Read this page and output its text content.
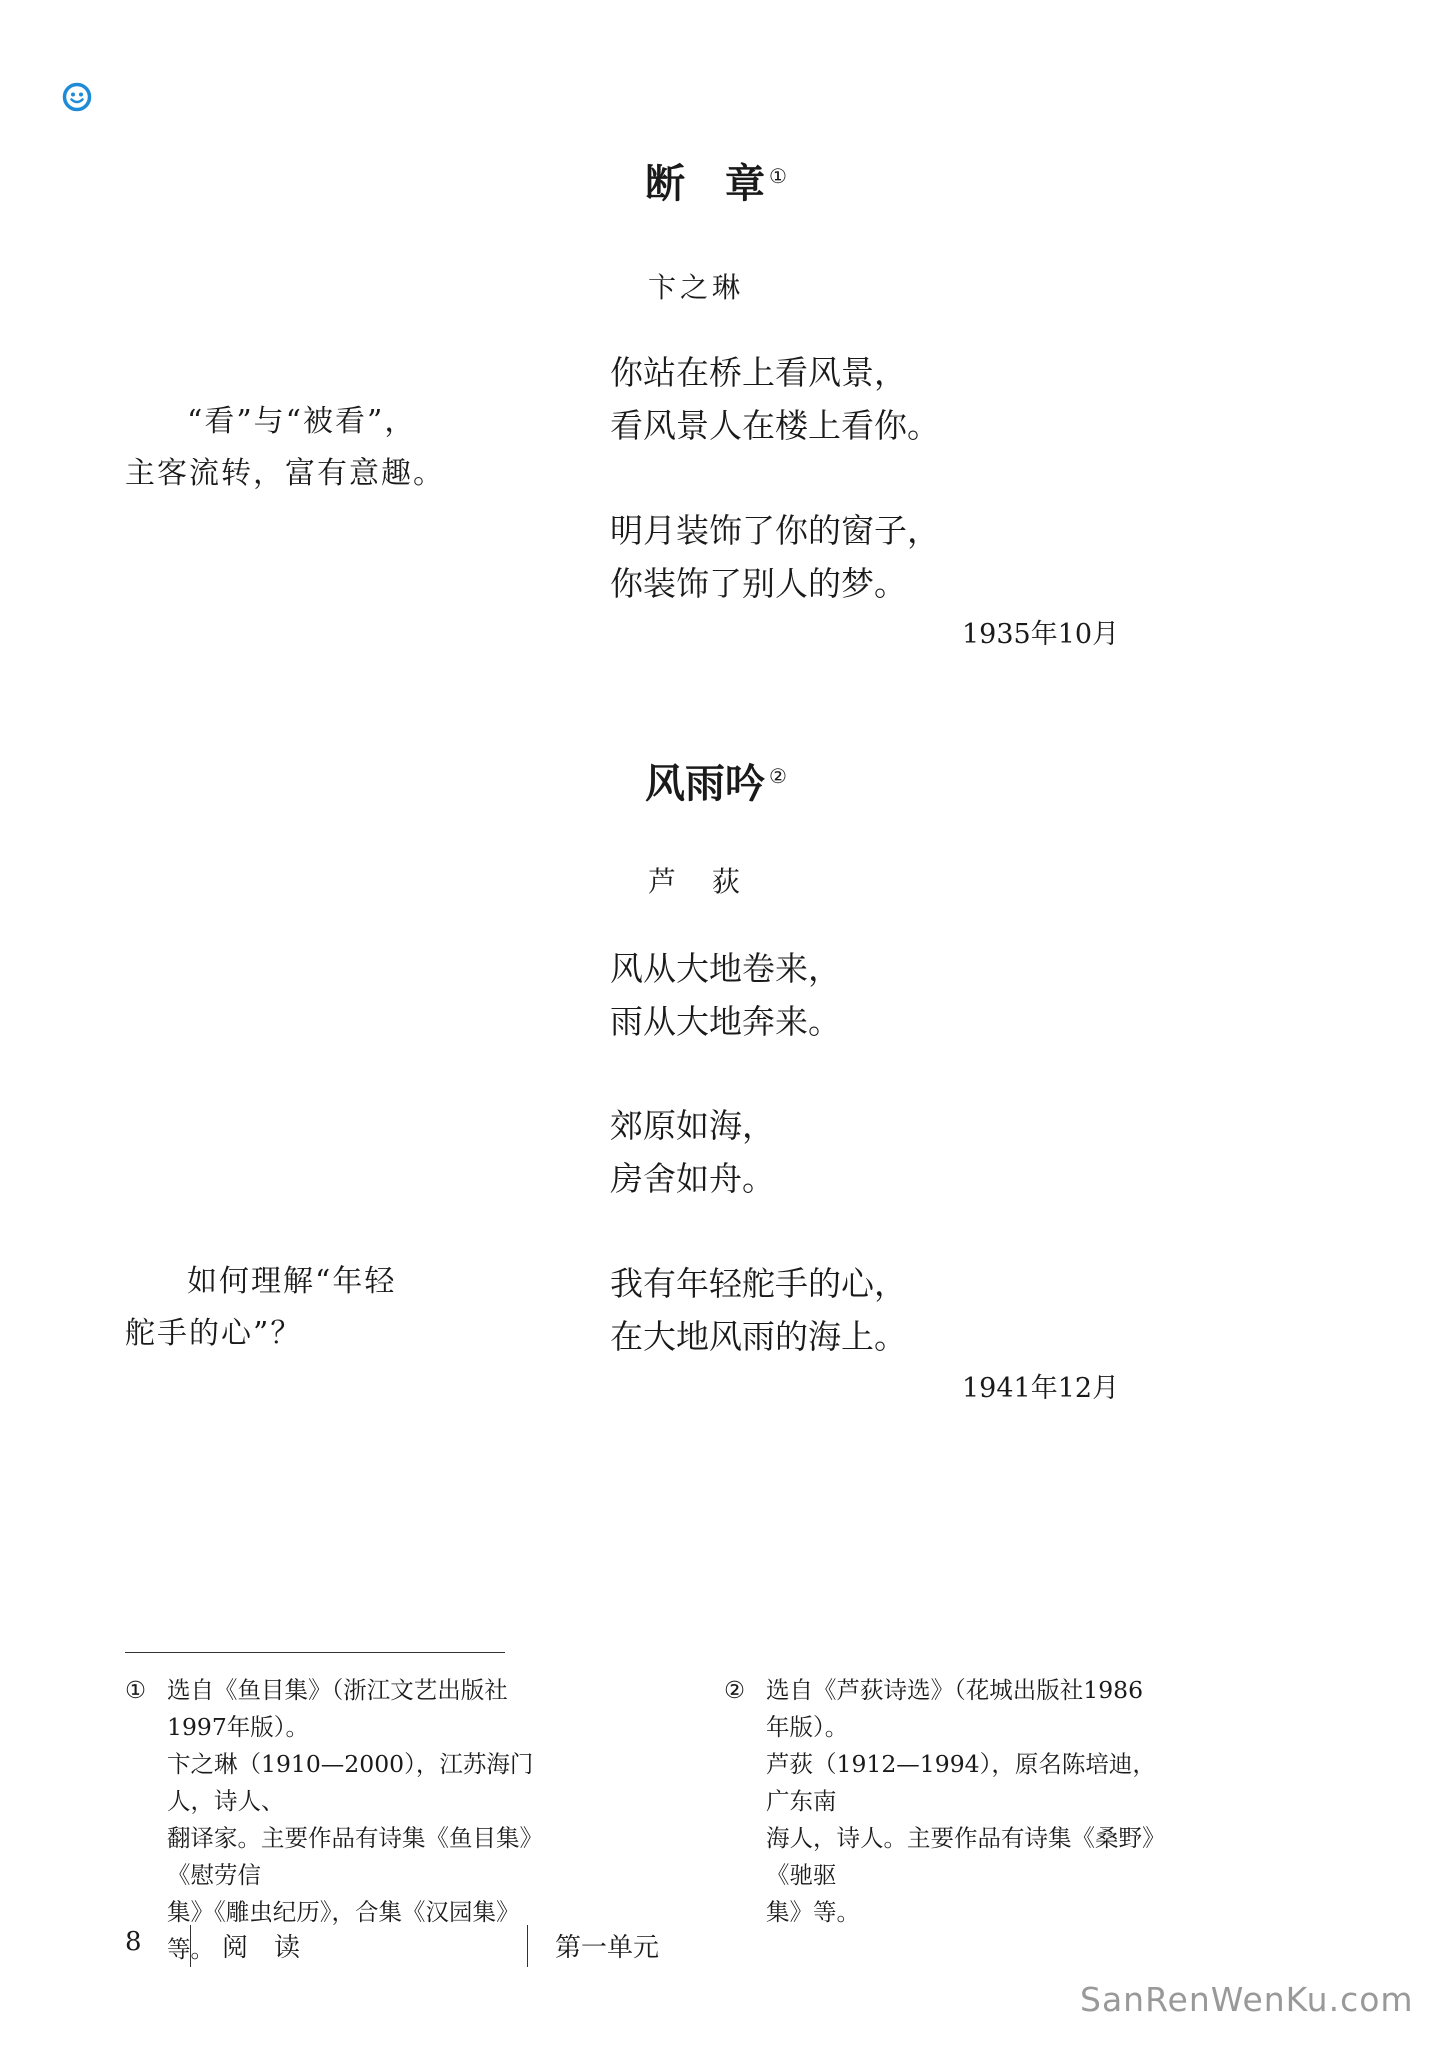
断　章 ①
卞之琳
你站在桥上看风景，
看风景人在楼上看你。
明月装饰了你的窗子，
你装饰了别人的梦。
1935年10月
风雨吟 ②
芦　荻
风从大地卷来，
雨从大地奔来。
郊原如海，
房舍如舟。
我有年轻舵手的心，
在大地风雨的海上。
1941年12月
“看”与“被看”，
主客流转，富有意趣。
如何理解“年轻
舵手的心”？
① 选自《鱼目集》（浙江文艺出版社1997年版）。
卞之琳（1910—2000），江苏海门人，诗人、
翻译家。主要作品有诗集《鱼目集》《慰劳信
集》《雕虫纪历》，合集《汉园集》等。
② 选自《芦荻诗选》（花城出版社1986年版）。
芦荻（1912—1994），原名陈培迪，广东南
海人，诗人。主要作品有诗集《桑野》《驰驱
集》等。
8	阅　读	第一单元
SanRenWenKu.com
